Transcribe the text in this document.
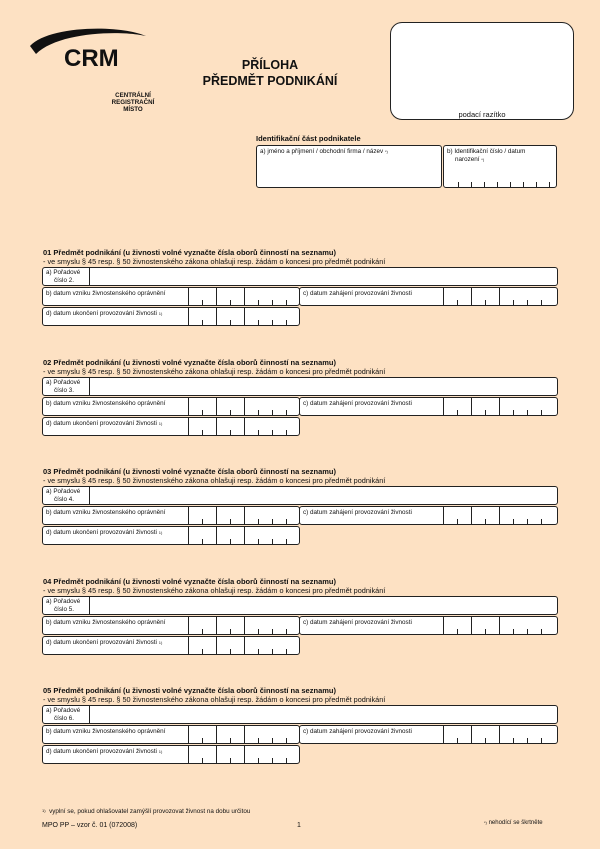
CRM
CENTRÁLNÍ
REGISTRAČNÍ MÍSTO
PŘÍLOHA
PŘEDMĚT PODNIKÁNÍ
podací razítko
Identifikační část podnikatele
a) jméno a příjmení / obchodní firma / název *)	b) Identifikační číslo / datum
narození *)
01 Předmět podnikání (u živnosti volné vyznačte čísla oborů činností na seznamu)
- ve smyslu § 45 resp. § 50 živnostenského zákona ohlašuji resp. žádám o koncesi pro předmět podnikání
a) Pořadové
číslo 2.
b) datum vzniku živnostenského oprávnění	c) datum zahájení provozování živnosti
d) datum ukončení provozování živnosti $^{1)}$
02 Předmět podnikání (u živnosti volné vyznačte čísla oborů činností na seznamu)
- ve smyslu § 45 resp. § 50 živnostenského zákona ohlašuji resp. žádám o koncesi pro předmět podnikání
a) Pořadové
číslo 3.
b) datum vzniku živnostenského oprávnění	c) datum zahájení provozování živnosti
d) datum ukončení provozování živnosti $^{1)}$
03 Předmět podnikání (u živnosti volné vyznačte čísla oborů činností na seznamu)
- ve smyslu § 45 resp. § 50 živnostenského zákona ohlašuji resp. žádám o koncesi pro předmět podnikání
a) Pořadové
číslo 4.
b) datum vzniku živnostenského oprávnění	c) datum zahájení provozování živnosti
d) datum ukončení provozování živnosti $^{1)}$
04 Předmět podnikání (u živnosti volné vyznačte čísla oborů činností na seznamu)
- ve smyslu § 45 resp. § 50 živnostenského zákona ohlašuji resp. žádám o koncesi pro předmět podnikání
a) Pořadové
číslo 5.
b) datum vzniku živnostenského oprávnění	c) datum zahájení provozování živnosti
d) datum ukončení provozování živnosti $^{1)}$
05 Předmět podnikání (u živnosti volné vyznačte čísla oborů činností na seznamu)
- ve smyslu § 45 resp. § 50 živnostenského zákona ohlašuji resp. žádám o koncesi pro předmět podnikání
a) Pořadové
číslo 6.
b) datum vzniku živnostenského oprávnění	c) datum zahájení provozování živnosti
d) datum ukončení provozování živnosti $^{1)}$
$^{1)}$ vyplní se, pokud ohlašovatel zamýšlí provozovat živnost na dobu určitou
MPO PP – vzor č. 01 (072008)	1	*) nehodící se škrtněte
